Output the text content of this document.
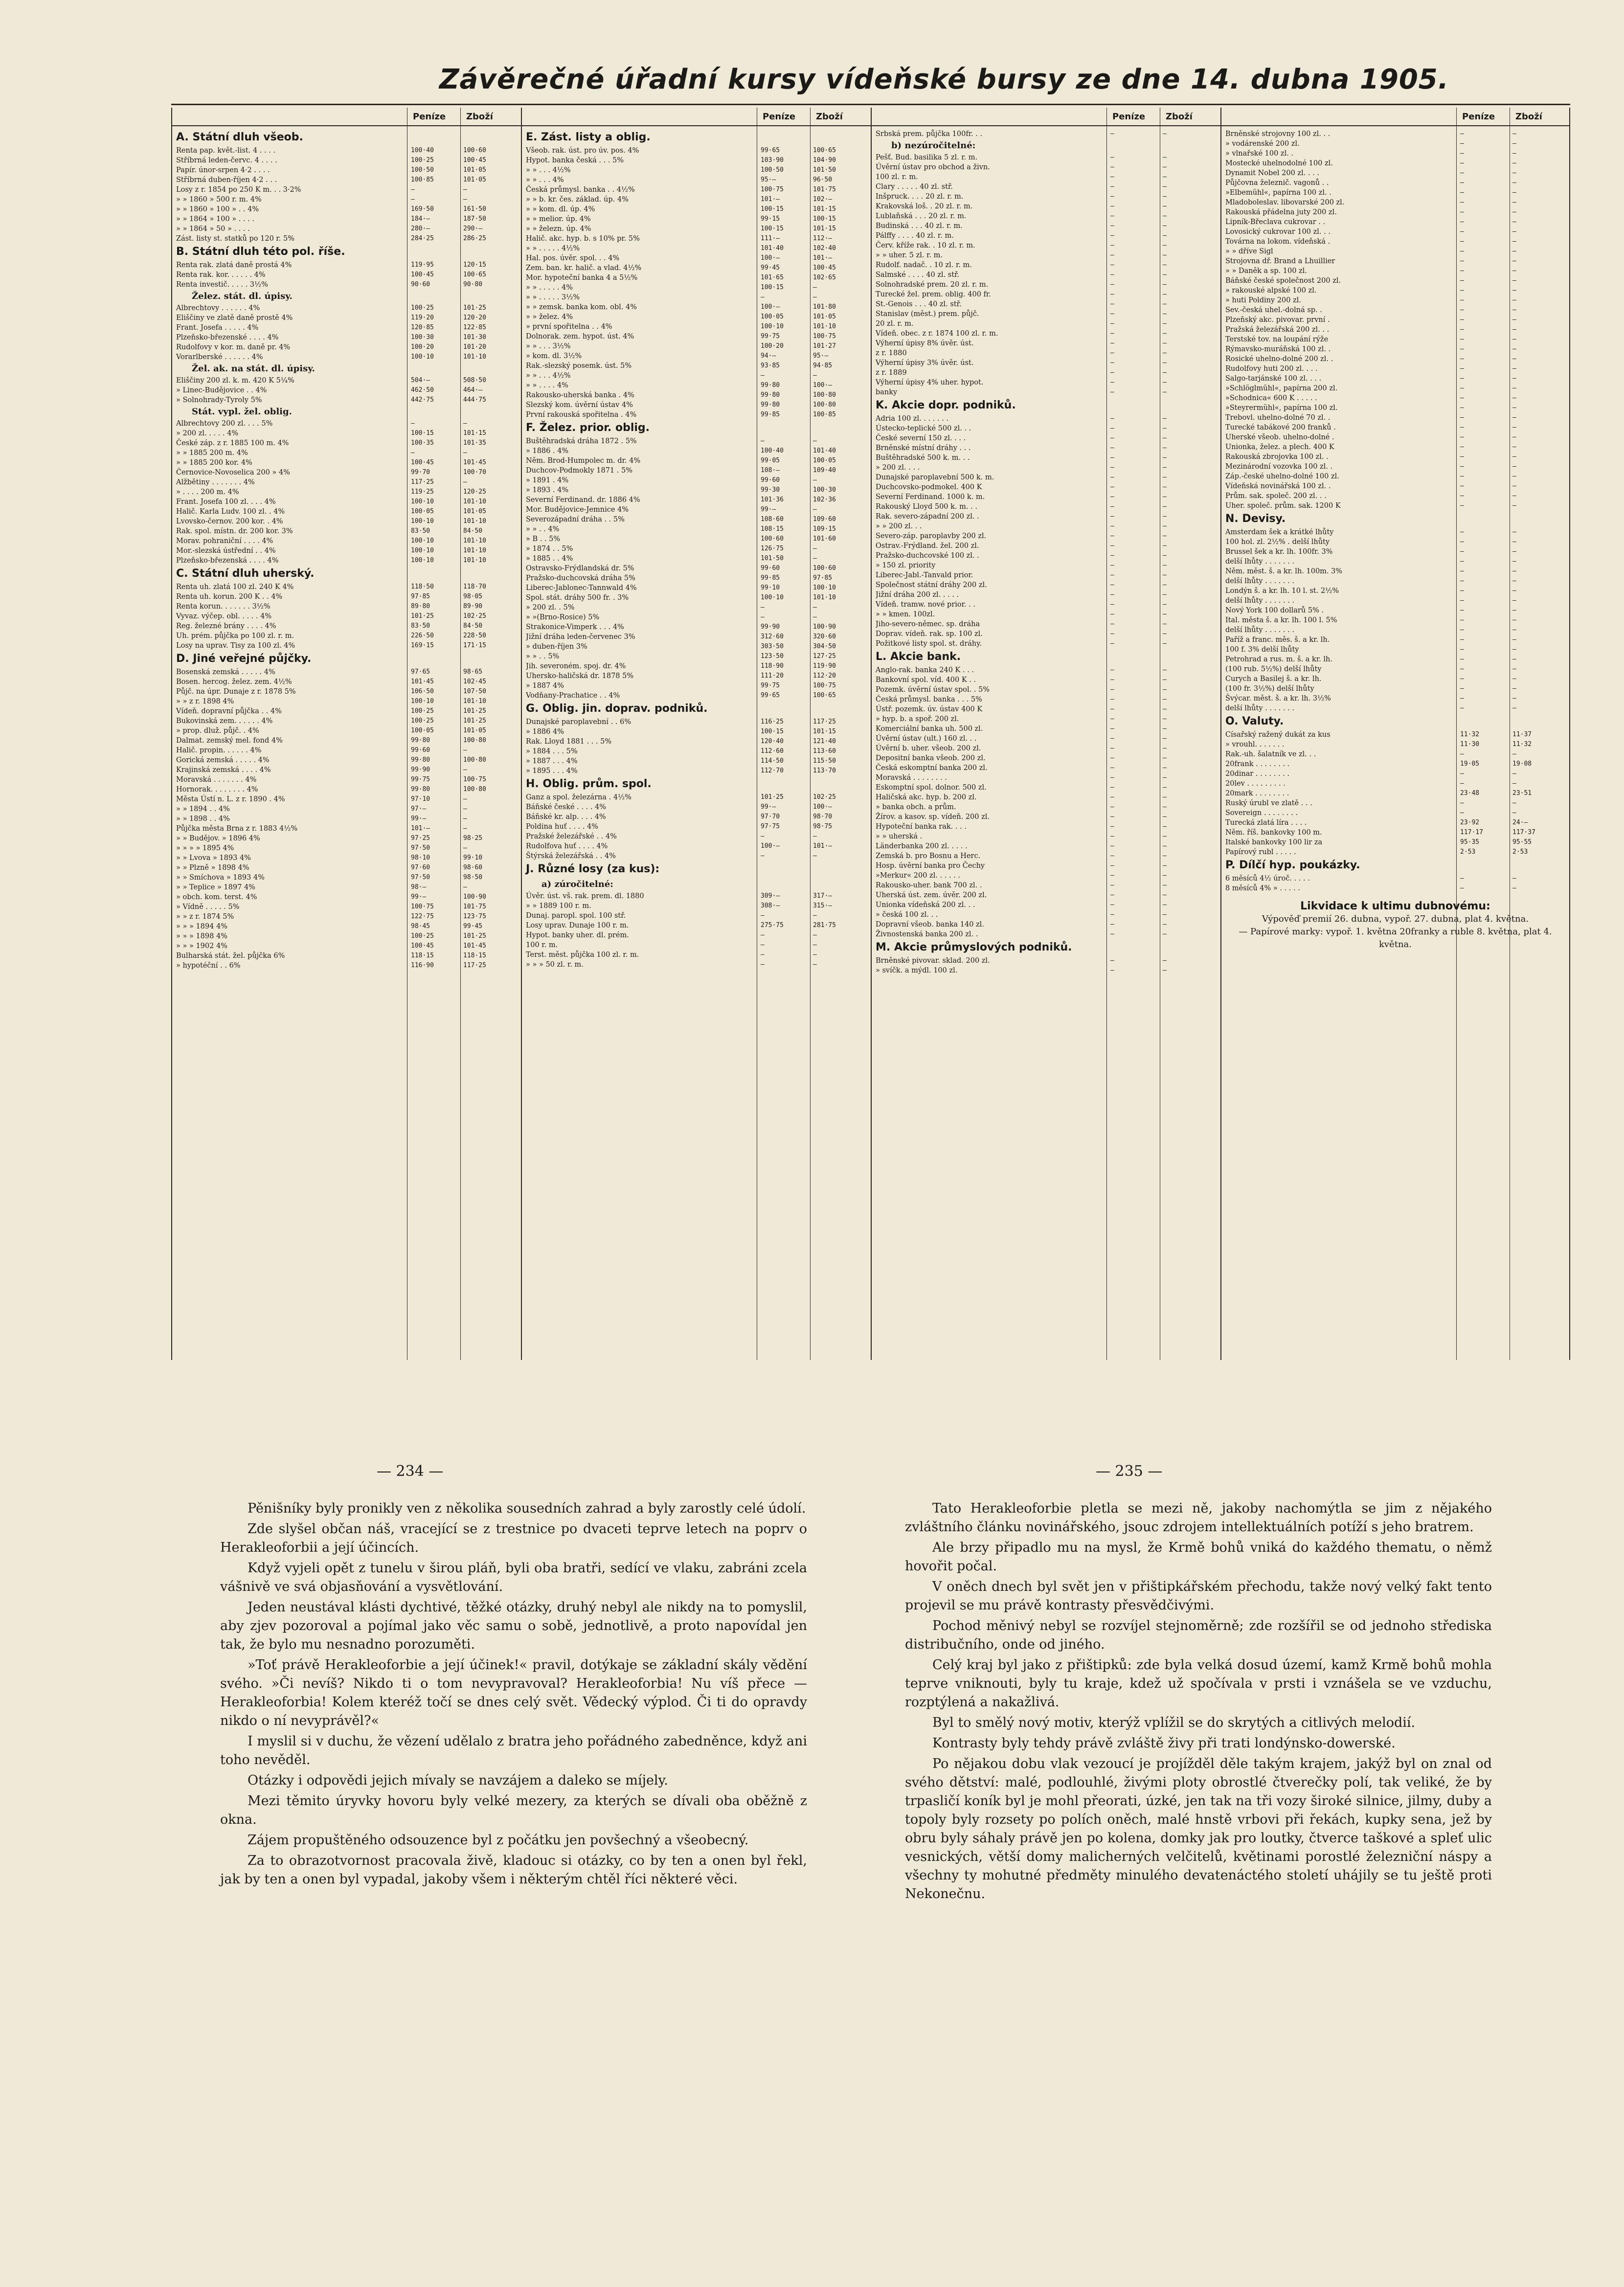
Závěrečné úřadní kursy vídeňské bursy ze dne 14. dubna 1905.
Peníze Zboží
A. Státní dluh všeob.
Renta pap. květ.-list. 4 . . . .	100·40	100·60
Stříbrná leden-červc. 4 . . . .	100·25	100·45
Papír. únor-srpen 4·2 . . . .	100·50	101·05
Stříbrná duben-říjen 4·2 . . .	100·85	101·05
Losy z r. 1854 po 250 K m. . . 3·2%	—	—
» » 1860 » 500 r. m. 4%	—	—
» » 1860 » 100 » . . 4%	169·50	161·50
» » 1864 » 100 » . . . .	184·—	187·50
» » 1864 » 50 » . . . .	280·—	290·—
Zást. listy st. statků po 120 r. 5%	284·25	286·25
B. Státní dluh této pol. říše.
Renta rak. zlatá daně prostá 4%	119·95	120·15
Renta rak. kor. . . . . . 4%	100·45	100·65
Renta investič. . . . . 3½%	90·60	90·80
Želez. stát. dl. úpisy.
Albrechtovy . . . . . . 4%	100·25	101·25
Eliščiny ve zlatě daně prostě 4%	119·20	120·20
Frant. Josefa . . . . . 4%	120·85	122·85
Plzeňsko-březenské . . . . 4%	100·30	101·30
Rudolfovy v kor. m. daně pr. 4%	100·20	101·20
Vorarlberské . . . . . . 4%	100·10	101·10
Žel. ak. na stát. dl. úpisy.
Eliščiny 200 zl. k. m. 420 K 5¼%	504·—	508·50
» Linec-Budějovice . . 4%	462·50	464·—
» Solnohrady-Tyroly 5%	442·75	444·75
Stát. vypl. žel. oblig.
Albrechtovy 200 zl. . . . 5%	—	—
» 200 zl. . . . . 4%	100·15	101·15
České záp. z r. 1885 100 m. 4%	100·35	101·35
» » 1885 200 m. 4%	—	—
» » 1885 200 kor. 4%	100·45	101·45
Černovice-Novoselica 200 » 4%	99·70	100·70
Alžbětiny . . . . . . . 4%	117·25	—
» . . . . 200 m. 4%	119·25	120·25
Frant. Josefa 100 zl. . . . 4%	100·10	101·10
Halič. Karla Ludv. 100 zl. . 4%	100·05	101·05
Lvovsko-černov. 200 kor. . 4%	100·10	101·10
Rak. spol. místn. dr. 200 kor. 3%	83·50	84·50
Morav. pohraniční . . . . 4%	100·10	101·10
Mor.-slezská ústřední . . 4%	100·10	101·10
Plzeňsko-březenská . . . . 4%	100·10	101·10
C. Státní dluh uherský.
Renta uh. zlatá 100 zl. 240 K 4%	118·50	118·70
Renta uh. korun. 200 K . . 4%	97·85	98·05
Renta korun. . . . . . . 3½%	89·80	89·90
Vyvaz. výčep. obl. . . . . 4%	101·25	102·25
Reg. železné brány . . . . 4%	83·50	84·50
Uh. prém. půjčka po 100 zl. r. m.	226·50	228·50
Losy na uprav. Tisy za 100 zl. 4%	169·15	171·15
D. Jiné veřejné půjčky.
Bosenská zemská . . . . . 4%	97·65	98·65
Bosen. hercog. želez. zem. 4½%	101·45	102·45
Půjč. na úpr. Dunaje z r. 1878 5%	106·50	107·50
» » z r. 1898 4%	100·10	101·10
Vídeň. dopravní půjčka . . 4%	100·25	101·25
Bukovinská zem. . . . . . 4%	100·25	101·25
» prop. dluž. půjč. . 4%	100·05	101·05
Dalmat. zemský mel. fond 4%	99·80	100·80
Halič. propin. . . . . . 4%	99·60	—
Gorická zemská . . . . . 4%	99·80	100·80
Krajinská zemská . . . . 4%	99·90	—
Moravská . . . . . . . 4%	99·75	100·75
Hornorak. . . . . . . . 4%	99·80	100·80
Města Ústí n. L. z r. 1890 . 4%	97·10	—
» » 1894 . . 4%	97·—	—
» » 1898 . . 4%	99·—	—
Půjčka města Brna z r. 1883 4½%	101·—	—
» » Budějov. » 1896 4%	97·25	98·25
» » » » 1895 4%	97·50	—
» » Lvova » 1893 4%	98·10	99·10
» » Plzně » 1898 4%	97·60	98·60
» » Smíchova » 1893 4%	97·50	98·50
» » Teplice » 1897 4%	98·—	—
» obch. kom. terst. 4%	99·—	100·90
» Vídně . . . . . 5%	100·75	101·75
» » z r. 1874 5%	122·75	123·75
» » » 1894 4%	98·45	99·45
» » » 1898 4%	100·25	101·25
» » » 1902 4%	100·45	101·45
Bulharská stát. žel. půjčka 6%	118·15	118·15
» hypotéční . . 6%	116·90	117·25
Peníze Zboží
E. Zást. listy a oblig.
Všeob. rak. úst. pro úv. pos. 4%	99·65	100·65
Hypot. banka česká . . . 5%	103·90	104·90
» » . . . 4½%	100·50	101·50
» » . . . 4%	95·—	96·50
Česká průmysl. banka . . 4½%	100·75	101·75
» » b. kr. čes. základ. úp. 4%	101·—	102·—
» » kom. dl. úp. 4%	100·15	101·15
» » melior. úp. 4%	99·15	100·15
» » železn. úp. 4%	100·15	101·15
Halič. akc. hyp. b. s 10% pr. 5%	111·—	112·—
» » . . . . . 4½%	101·40	102·40
Hal. pos. úvěr. spol. . . 4%	100·—	101·—
Zem. ban. kr. halič. a vlad. 4½%	99·45	100·45
Mor. hypoteční banka 4 a 5½%	101·65	102·65
» » . . . . . 4%	100·15	—
» » . . . . . 3½%	—	—
» » zemsk. banka kom. obl. 4%	100·—	101·80
» » želez. 4%	100·05	101·05
» první spořitelna . . 4%	100·10	101·10
Dolnorak. zem. hypot. úst. 4%	99·75	100·75
» » . . . 3½%	100·20	101·27
» kom. dl. 3½%	94·—	95·—
Rak.-slezský posemk. úst. 5%	93·85	94·85
» » . . . 4½%	—	—
» » . . . . 4%	99·80	100·—
Rakousko-uherská banka . 4%	99·80	100·80
Slezský kom. úvěrní ústav 4%	99·80	100·80
První rakouská spořitelna . 4%	99·85	100·85
F. Želez. prior. oblig.
Buštěhradská dráha 1872 . 5%	—	—
» 1886 . 4%	100·40	101·40
Něm. Brod-Humpolec m. dr. 4%	99·05	100·05
Duchcov-Podmokly 1871 . 5%	108·—	109·40
» 1891 . 4%	99·60	—
» 1893 . 4%	99·30	100·30
Severní Ferdinand. dr. 1886 4%	101·36	102·36
Mor. Budějovice-Jemnice 4%	99·—	—
Severozápadní dráha . . 5%	108·60	109·60
» » . . 4%	108·15	109·15
» B . . 5%	100·60	101·60
» 1874 . . 5%	126·75	—
» 1885 . . 4%	101·50	—
Ostravsko-Frýdlandská dr. 5%	99·60	100·60
Pražsko-duchcovská dráha 5%	99·85	97·85
Liberec-Jablonec-Tannwald 4%	99·10	100·10
Spol. stát. dráhy 500 fr. . 3%	100·10	101·10
» 200 zl. . 5%	—	—
» »(Brno-Rosice) 5%	—	—
Strakonice-Vimperk . . . 4%	99·90	100·90
Jižní dráha leden-červenec 3%	312·60	320·60
» duben-říjen 3%	303·50	304·50
» » . . 5%	123·50	127·25
Jih. severoném. spoj. dr. 4%	118·90	119·90
Uhersko-haličská dr. 1878 5%	111·20	112·20
» 1887 4%	99·75	100·75
Vodňany-Prachatice . . 4%	99·65	100·65
G. Oblig. jin. doprav. podniků.
Dunajské paroplavební . . 6%	116·25	117·25
» 1886 4%	100·15	101·15
Rak. Lloyd 1881 . . . 5%	120·40	121·40
» 1884 . . . 5%	112·60	113·60
» 1887 . . . 4%	114·50	115·50
» 1895 . . . 4%	112·70	113·70
H. Oblig. prům. spol.
Ganz a spol. železárna . 4½%	101·25	102·25
Báňské české . . . . 4%	99·—	100·—
Báňské kr. alp. . . . 4%	97·70	98·70
Poldina huť . . . . 4%	97·75	98·75
Pražské železářské . . 4%	—	—
Rudolfova huť . . . . 4%	100·—	101·—
Štýrská železářská . . 4%	—	—
J. Různé losy (za kus):
a) zúročitelné:
Úvěr. úst. vš. rak. prem. dl. 1880	309·—	317·—
» » 1889 100 r. m.	308·—	315·—
Dunaj. paropl. spol. 100 stř.	—	—
Losy uprav. Dunaje 100 r. m.	275·75	281·75
Hypot. banky uher. dl. prém.	—	—
100 r. m.	—	—
Terst. měst. půjčka 100 zl. r. m.	—	—
» » » 50 zl. r. m.	—	—
Peníze Zboží
Srbská prem. půjčka 100fr. . .	—	—
b) nezúročitelné:
Pešť. Bud. basilika 5 zl. r. m.	—	—
Úvěrní ústav pro obchod a živn.	—	—
100 zl. r. m.	—	—
Clary . . . . . 40 zl. stř.	—	—
Inšpruck. . . . 20 zl. r. m.	—	—
Krakovská loš. . 20 zl. r. m.	—	—
Lublaňská . . . 20 zl. r. m.	—	—
Budinská . . . 40 zl. r. m.	—	—
Pálffy . . . . 40 zl. r. m.	—	—
Červ. kříže rak. . 10 zl. r. m.	—	—
» » uher. 5 zl. r. m.	—	—
Rudolf. nadač. . 10 zl. r. m.	—	—
Salmské . . . . 40 zl. stř.	—	—
Solnohradské prem. 20 zl. r. m.	—	—
Turecké žel. prem. oblig. 400 fr.	—	—
St.-Genois . . . 40 zl. stř.	—	—
Stanislav (měst.) prem. půjč.	—	—
20 zl. r. m.	—	—
Vídeň. obec. z r. 1874 100 zl. r. m.	—	—
Výherní úpisy 8% úvěr. úst.	—	—
z r. 1880	—	—
Výherní úpisy 3% úvěr. úst.	—	—
z r. 1889	—	—
Výherní úpisy 4% uher. hypot.	—	—
banky	—	—
K. Akcie dopr. podniků.
Adria 100 zl. . . . . . .	—	—
Ústecko-teplické 500 zl. . .	—	—
České severní 150 zl. . . .	—	—
Brněnské místní dráhy . . .	—	—
Buštěhradské 500 k. m. . .	—	—
» 200 zl. . . .	—	—
Dunajské paroplavební 500 k. m.	—	—
Duchcovsko-podmokel. 400 K	—	—
Severní Ferdinand. 1000 k. m.	—	—
Rakouský Lloyd 500 k. m. . .	—	—
Rak. severo-západní 200 zl. .	—	—
» » 200 zl. . .	—	—
Severo-záp. paroplavby 200 zl.	—	—
Ostrav.-Frýdland. žel. 200 zl.	—	—
Pražsko-duchcovské 100 zl. .	—	—
» 150 zl. priority	—	—
Liberec-Jabl.-Tanvald prior.	—	—
Společnost státní dráhy 200 zl.	—	—
Jižní dráha 200 zl. . . . .	—	—
Vídeň. tramw. nové prior. . .	—	—
» » kmen. 100zl.	—	—
Jiho-severo-němec. sp. dráha	—	—
Doprav. vídeň. rak. sp. 100 zl.	—	—
Požitkové listy spol. st. dráhy.	—	—
L. Akcie bank.
Anglo-rak. banka 240 K . . .	—	—
Bankovní spol. víd. 400 K . .	—	—
Pozemk. úvěrní ústav spol. . 5%	—	—
Česká průmysl. banka . . . 5%	—	—
Ústř. pozemk. úv. ústav 400 K	—	—
» hyp. b. a spoř. 200 zl.	—	—
Komerciální banka uh. 500 zl.	—	—
Úvěrní ústav (ult.) 160 zl. . .	—	—
Úvěrní b. uher. všeob. 200 zl.	—	—
Depositní banka všeob. 200 zl.	—	—
Česká eskomptní banka 200 zl.	—	—
Moravská . . . . . . . .	—	—
Eskomptní spol. dolnor. 500 zl.	—	—
Haličská akc. hyp. b. 200 zl.	—	—
» banka obch. a prům.	—	—
Žírov. a kasov. sp. vídeň. 200 zl.	—	—
Hypoteční banka rak. . . .	—	—
» » uherská .	—	—
Länderbanka 200 zl. . . . .	—	—
Zemská b. pro Bosnu a Herc.	—	—
Hosp. úvěrní banka pro Čechy	—	—
»Merkur« 200 zl. . . . . .	—	—
Rakousko-uher. bank 700 zl. .	—	—
Uherská úst. zem. úvěr. 200 zl.	—	—
Unionka vídeňská 200 zl. . .	—	—
» česká 100 zl. . .	—	—
Dopravní všeob. banka 140 zl.	—	—
Živnostenská banka 200 zl. .	—	—
M. Akcie průmyslových podniků.
Brněnské pivovar. sklad. 200 zl.	—	—
» svíčk. a mýdl. 100 zl.	—	—
Peníze Zboží
Brněnské strojovny 100 zl. . .	—	—
» vodárenské 200 zl.	—	—
» vlnařské 100 zl. .	—	—
Mostecké uhelnodolné 100 zl.	—	—
Dynamit Nobel 200 zl. . . .	—	—
Půjčovna železnič. vagonů . .	—	—
»Elbemühl«, papírna 100 zl. .	—	—
Mladoboleslav. libovarské 200 zl.	—	—
Rakouská přádelna juty 200 zl.	—	—
Lipník-Břeclava cukrovar . .	—	—
Lovosický cukrovar 100 zl. . .	—	—
Továrna na lokom. vídeňská .	—	—
» » dříve Sigl	—	—
Strojovna dř. Brand a Lhuillier	—	—
» » Daněk a sp. 100 zl.	—	—
Báňské české společnost 200 zl.	—	—
» rakouské alpské 100 zl.	—	—
» huti Poldiny 200 zl.	—	—
Sev.-česká uhel.-dolná sp. .	—	—
Plzeňský akc. pivovar. první .	—	—
Pražská železářská 200 zl. . .	—	—
Terstské tov. na loupání rýže	—	—
Rýmavsko-muráňská 100 zl. .	—	—
Rosické uhelno-dolné 200 zl. .	—	—
Rudolfovy huti 200 zl. . . .	—	—
Salgo-tarjánské 100 zl. . . .	—	—
»Schlöglmühl«, papírna 200 zl.	—	—
»Schodnica« 600 K . . . . .	—	—
»Steyrermühl«, papírna 100 zl.	—	—
Trebovl. uhelno-dolné 70 zl. .	—	—
Turecké tabákové 200 franků .	—	—
Uherské všeob. uhelno-dolné .	—	—
Unionka, želez. a plech. 400 K	—	—
Rakouská zbrojovka 100 zl. .	—	—
Mezinárodní vozovka 100 zl. .	—	—
Záp.-české uhelno-dolné 100 zl.	—	—
Vídeňská novinářská 100 zl. .	—	—
Prům. sak. společ. 200 zl. . .	—	—
Uher. společ. prům. sak. 1200 K	—	—
N. Devisy.
Amsterdam šek a krátké lhůty	—	—
100 hol. zl. 2½% . delší lhůty	—	—
Brussel šek a kr. lh. 100fr. 3%	—	—
delší lhůty . . . . . . .	—	—
Něm. měst. š. a kr. lh. 100m. 3%	—	—
delší lhůty . . . . . . .	—	—
Londýn š. a kr. lh. 10 l. st. 2½%	—	—
delší lhůty . . . . . . .	—	—
Nový York 100 dollarů 5% .	—	—
Ital. města š. a kr. lh. 100 l. 5%	—	—
delší lhůty . . . . . . .	—	—
Paříž a franc. měs. š. a kr. lh.	—	—
100 f. 3% delší lhůty	—	—
Petrohrad a rus. m. š. a kr. lh.	—	—
(100 rub. 5½%) delší lhůty	—	—
Curych a Basilej š. a kr. lh.	—	—
(100 fr. 3½%) delší lhůty	—	—
Švýcar. měst. š. a kr. lh. 3½%	—	—
delší lhůty . . . . . . .	—	—
O. Valuty.
Císařský ražený dukát za kus	11·32	11·37
» vrouhl. . . . . . .	11·30	11·32
Rak.-uh. šalatník ve zl. . .	—	—
20frank . . . . . . . .	19·05	19·08
20dinar . . . . . . . .	—	—
20lev . . . . . . . . .	—	—
20mark . . . . . . . .	23·48	23·51
Ruský úrubl ve zlatě . . .	—	—
Sovereign . . . . . . . .	—	—
Turecká zlatá líra . . . .	23·92	24·—
Něm. říš. bankovky 100 m.	117·17	117·37
Italské bankovky 100 lir za	95·35	95·55
Papírový rubl . . . . .	2·53	2·53
P. Dílčí hyp. poukázky.
6 měsíců 4½ úroč. . . . .	—	—
8 měsíců 4% » . . . . .	—	—
Likvidace k ultimu dubnovému:
Výpověď premií 26. dubna, vypoř. 27. dubna, plat 4. května.
— Papírové marky: vypoř. 1. května 20franky a ruble 8. května, plat 4. května.
— 234 —	— 235 —

Pěnišníky byly pronikly ven z několika sousedních zahrad a byly zarostly celé údolí.

Zde slyšel občan náš, vracející se z trestnice po dvaceti teprve letech na poprv o Herakleoforbii a její účincích.

Když vyjeli opět z tunelu v širou pláň, byli oba bratři, sedící ve vlaku, zabráni zcela vášnivě ve svá objasňování a vysvětlování.

Jeden neustával klásti dychtivé, těžké otázky, druhý nebyl ale nikdy na to pomyslil, aby zjev pozoroval a pojímal jako věc samu o sobě, jednotlivě, a proto napovídal jen tak, že bylo mu nesnadno porozuměti.

»Toť právě Herakleoforbie a její účinek!« pravil, dotýkaje se základní skály vědění svého. »Či nevíš? Nikdo ti o tom nevypravoval? Herakleoforbia! Nu víš přece — Herakleoforbia! Kolem kteréž točí se dnes celý svět. Vědecký výplod. Či ti do opravdy nikdo o ní nevyprávěl?«

I myslil si v duchu, že vězení udělalo z bratra jeho pořádného zabedněnce, když ani toho nevěděl.

Otázky i odpovědi jejich mívaly se navzájem a daleko se míjely.

Mezi těmito úryvky hovoru byly velké mezery, za kterých se dívali oba oběžně z okna.

Zájem propuštěného odsouzence byl z počátku jen povšechný a všeobecný.

Za to obrazotvornost pracovala živě, kladouc si otázky, co by ten a onen byl řekl, jak by ten a onen byl vypadal, jakoby všem i některým chtěl říci některé věci.

Tato Herakleoforbie pletla se mezi ně, jakoby nachomýtla se jim z nějakého zvláštního článku novinářského, jsouc zdrojem intellektuálních potíží s jeho bratrem.

Ale brzy připadlo mu na mysl, že Krmě bohů vniká do každého thematu, o němž hovořit počal.

V oněch dnech byl svět jen v přištipkářském přechodu, takže nový velký fakt tento projevil se mu právě kontrasty přesvědčivými.

Pochod měnivý nebyl se rozvíjel stejnoměrně; zde rozšířil se od jednoho střediska distribučního, onde od jiného.

Celý kraj byl jako z přištipků: zde byla velká dosud území, kamž Krmě bohů mohla teprve vniknouti, byly tu kraje, kdež už spočívala v prsti i vznášela se ve vzduchu, rozptýlená a nakažlivá.

Byl to smělý nový motiv, kterýž vplížil se do skrytých a citlivých melodií.

Kontrasty byly tehdy právě zvláště živy při trati londýnsko-dowerské.

Po nějakou dobu vlak vezoucí je projížděl děle takým krajem, jakýž byl on znal od svého dětství: malé, podlouhlé, živými ploty obrostlé čtverečky polí, tak veliké, že by trpasličí koník byl je mohl přeorati, úzké, jen tak na tři vozy široké silnice, jilmy, duby a topoly byly rozsety po polích oněch, malé hnstě vrbovi při řekách, kupky sena, jež by obru byly sáhaly právě jen po kolena, domky jak pro loutky, čtverce taškové a spleť ulic vesnických, větší domy malicherných velčitelů, květinami porostlé železniční náspy a všechny ty mohutné předměty minulého devatenáctého století uhájily se tu ještě proti Nekonečnu.
